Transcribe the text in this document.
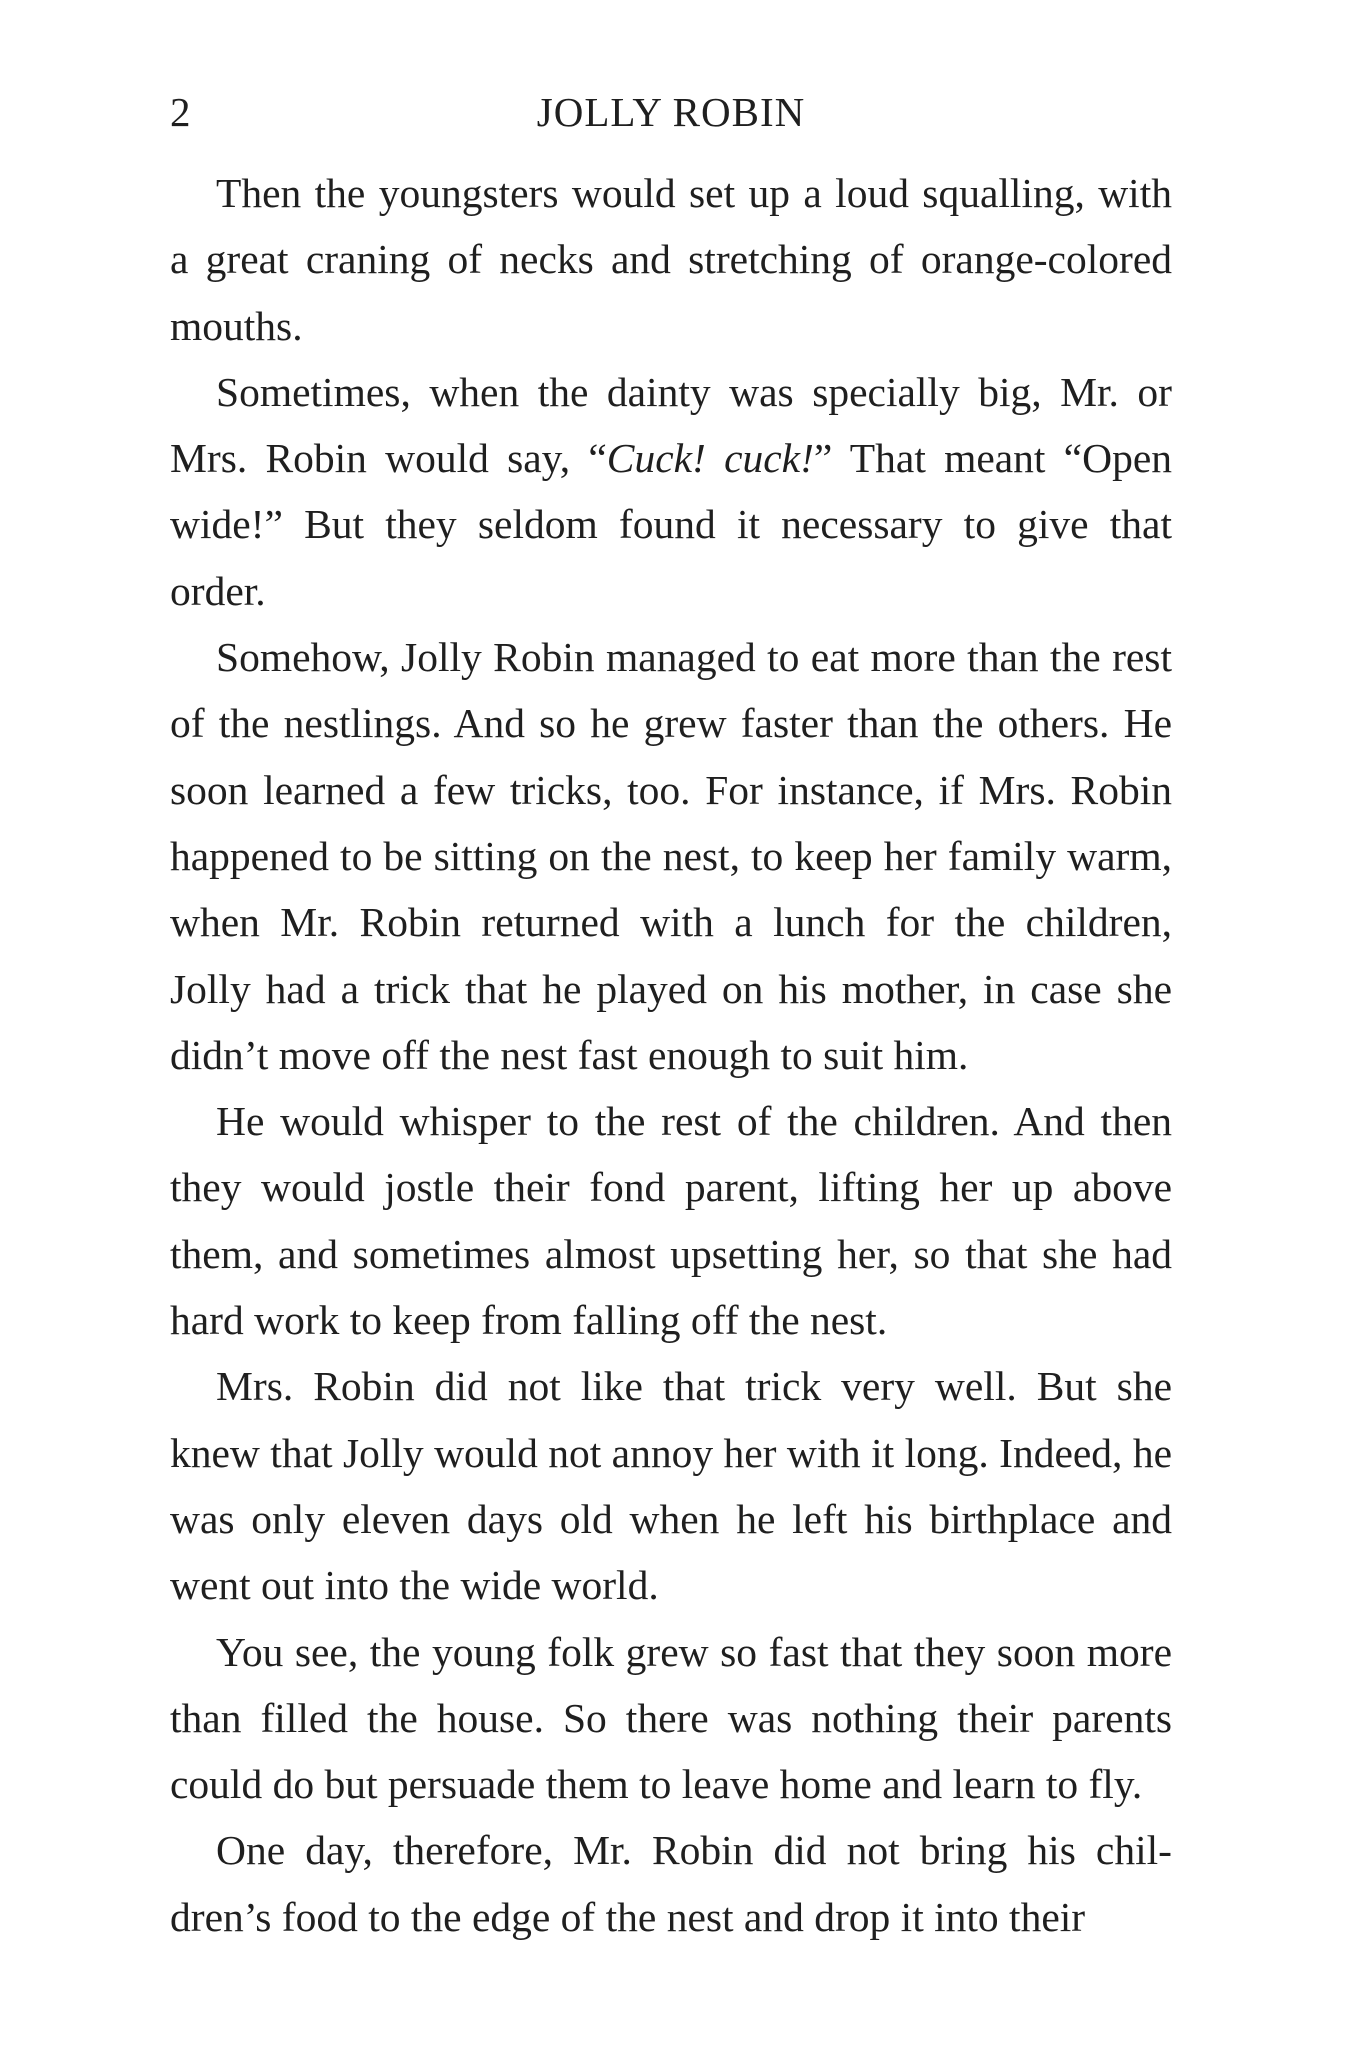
2	JOLLY ROBIN

Then the youngsters would set up a loud squalling, with a great craning of necks and stretching of orange-colored mouths.

Sometimes, when the dainty was specially big, Mr. or Mrs. Robin would say, “Cuck! cuck!” That meant “Open wide!” But they seldom found it necessary to give that order.

Somehow, Jolly Robin managed to eat more than the rest of the nestlings. And so he grew faster than the others. He soon learned a few tricks, too. For instance, if Mrs. Robin happened to be sitting on the nest, to keep her family warm, when Mr. Robin returned with a lunch for the children, Jolly had a trick that he played on his mother, in case she didn’t move off the nest fast enough to suit him.

He would whisper to the rest of the children. And then they would jostle their fond parent, lifting her up above them, and sometimes almost upsetting her, so that she had hard work to keep from falling off the nest.

Mrs. Robin did not like that trick very well. But she knew that Jolly would not annoy her with it long. Indeed, he was only eleven days old when he left his birthplace and went out into the wide world.

You see, the young folk grew so fast that they soon more than filled the house. So there was nothing their parents could do but persuade them to leave home and learn to fly.

One day, therefore, Mr. Robin did not bring his chil- dren’s food to the edge of the nest and drop it into their
